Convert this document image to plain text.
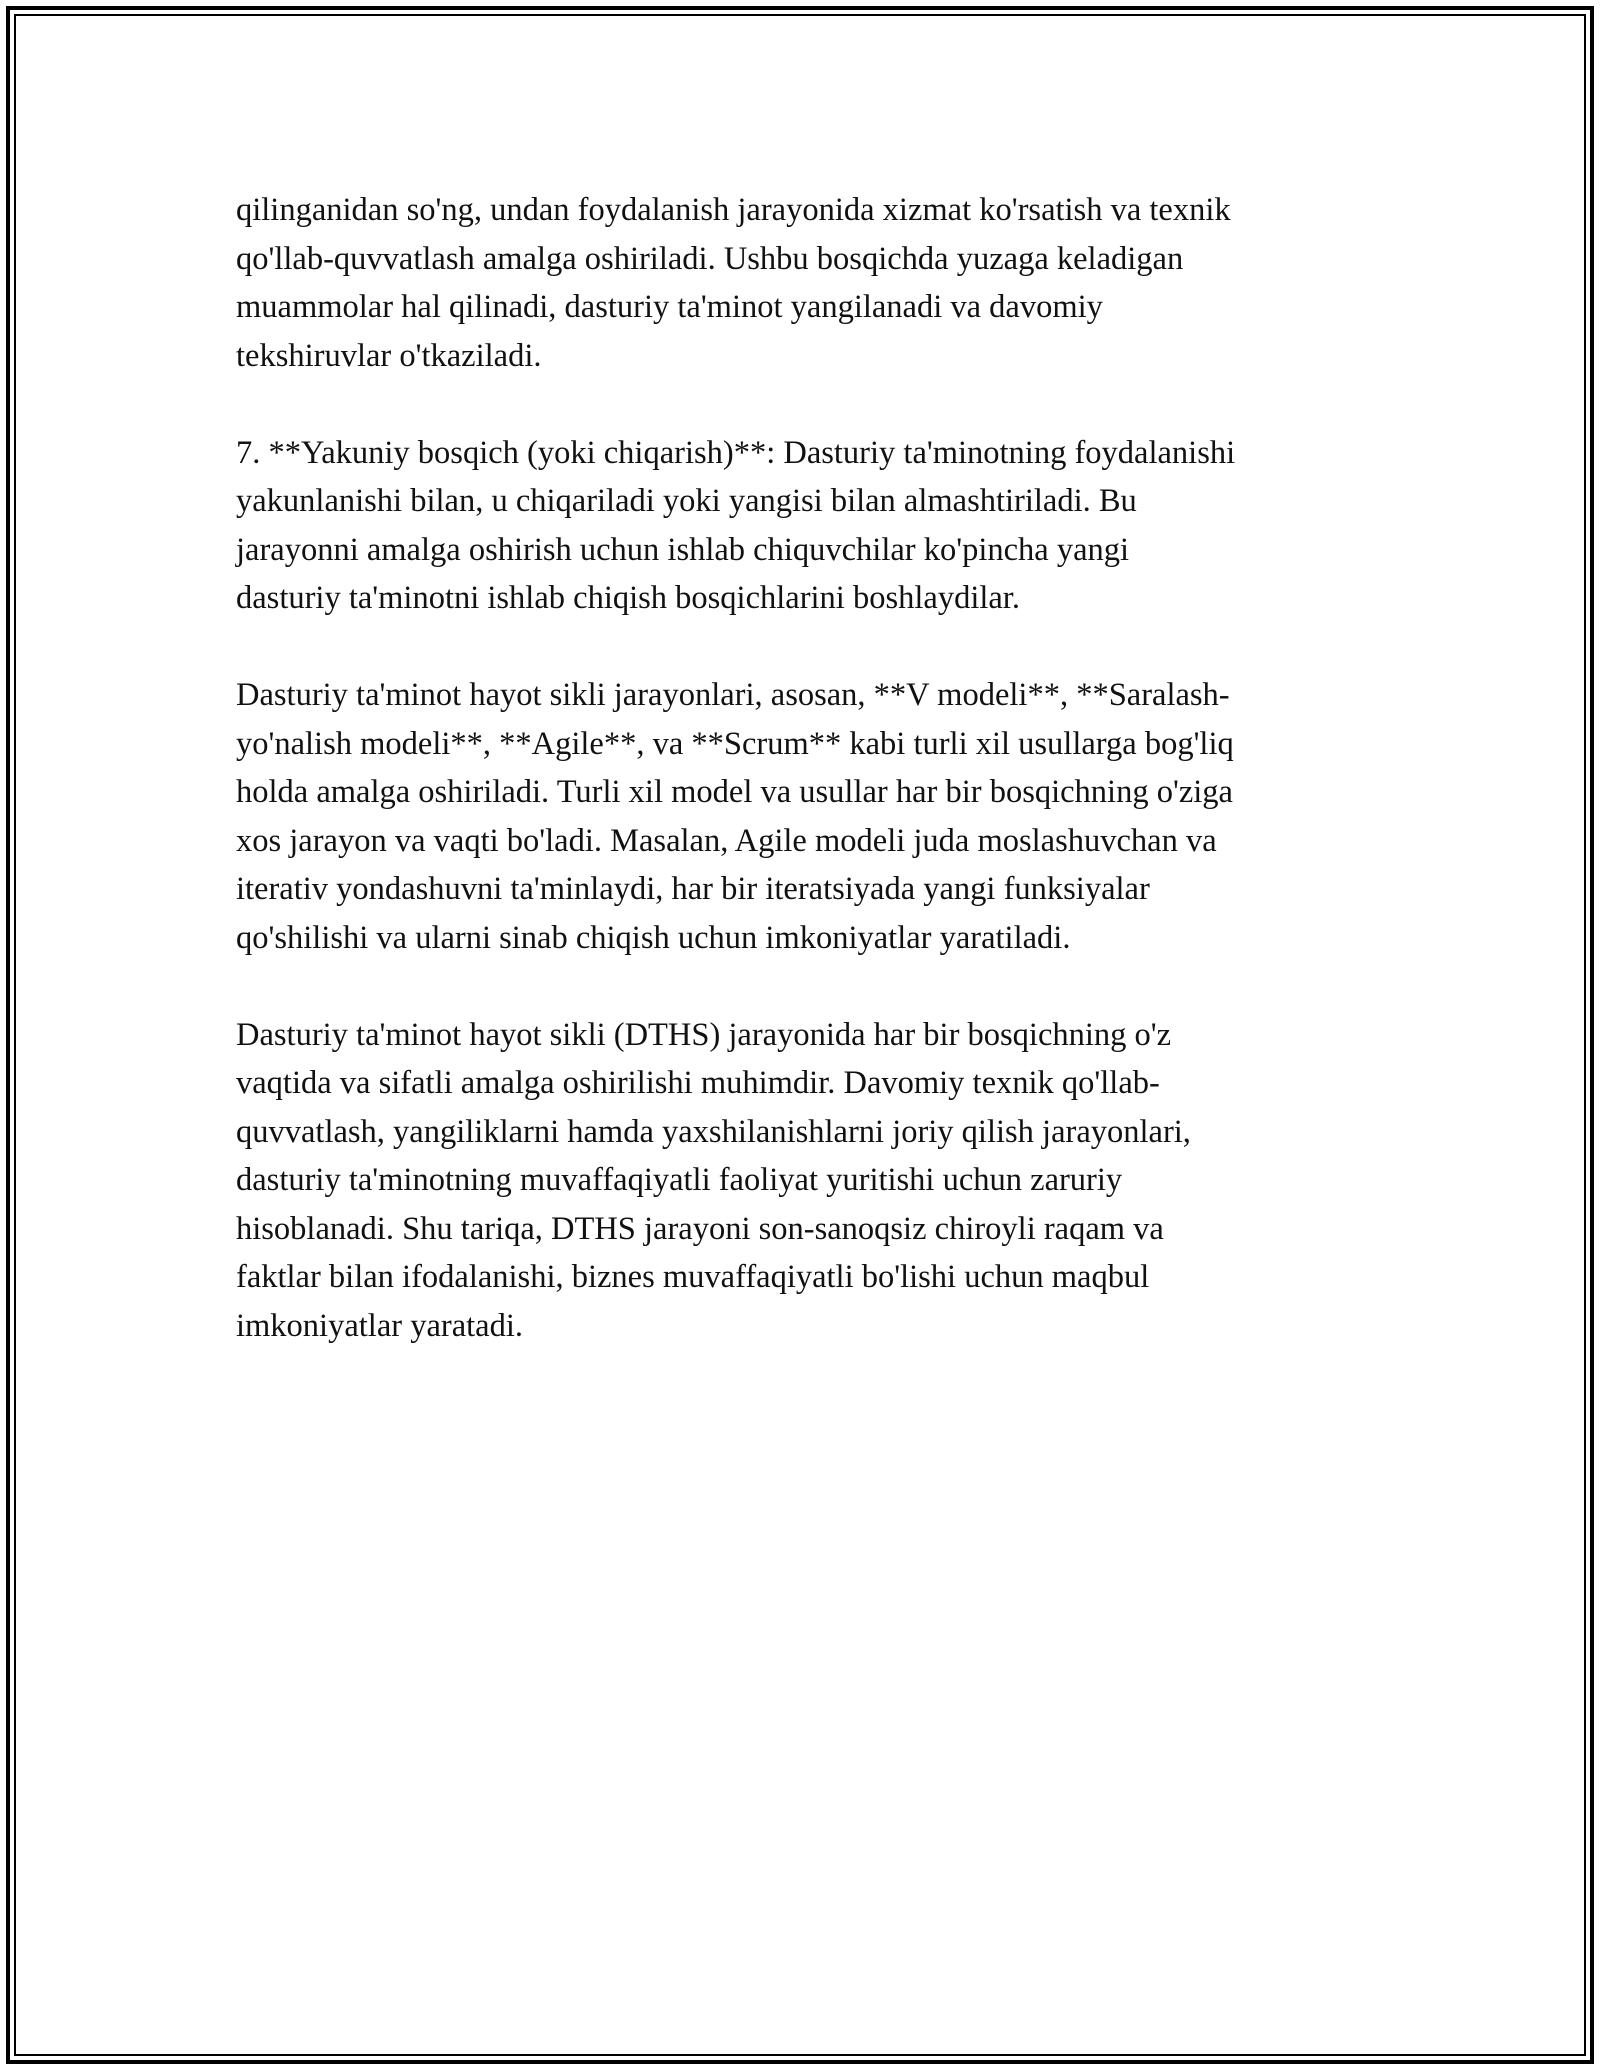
qilinganidan so'ng, undan foydalanish jarayonida xizmat ko'rsatish va texnik
qo'llab-quvvatlash amalga oshiriladi. Ushbu bosqichda yuzaga keladigan
muammolar hal qilinadi, dasturiy ta'minot yangilanadi va davomiy
tekshiruvlar o'tkaziladi.

7. **Yakuniy bosqich (yoki chiqarish)**: Dasturiy ta'minotning foydalanishi
yakunlanishi bilan, u chiqariladi yoki yangisi bilan almashtiriladi. Bu
jarayonni amalga oshirish uchun ishlab chiquvchilar ko'pincha yangi
dasturiy ta'minotni ishlab chiqish bosqichlarini boshlaydilar.

Dasturiy ta'minot hayot sikli jarayonlari, asosan, **V modeli**, **Saralash-
yo'nalish modeli**, **Agile**, va **Scrum** kabi turli xil usullarga bog'liq
holda amalga oshiriladi. Turli xil model va usullar har bir bosqichning o'ziga
xos jarayon va vaqti bo'ladi. Masalan, Agile modeli juda moslashuvchan va
iterativ yondashuvni ta'minlaydi, har bir iteratsiyada yangi funksiyalar
qo'shilishi va ularni sinab chiqish uchun imkoniyatlar yaratiladi.

Dasturiy ta'minot hayot sikli (DTHS) jarayonida har bir bosqichning o'z
vaqtida va sifatli amalga oshirilishi muhimdir. Davomiy texnik qo'llab-
quvvatlash, yangiliklarni hamda yaxshilanishlarni joriy qilish jarayonlari,
dasturiy ta'minotning muvaffaqiyatli faoliyat yuritishi uchun zaruriy
hisoblanadi. Shu tariqa, DTHS jarayoni son-sanoqsiz chiroyli raqam va
faktlar bilan ifodalanishi, biznes muvaffaqiyatli bo'lishi uchun maqbul
imkoniyatlar yaratadi.
